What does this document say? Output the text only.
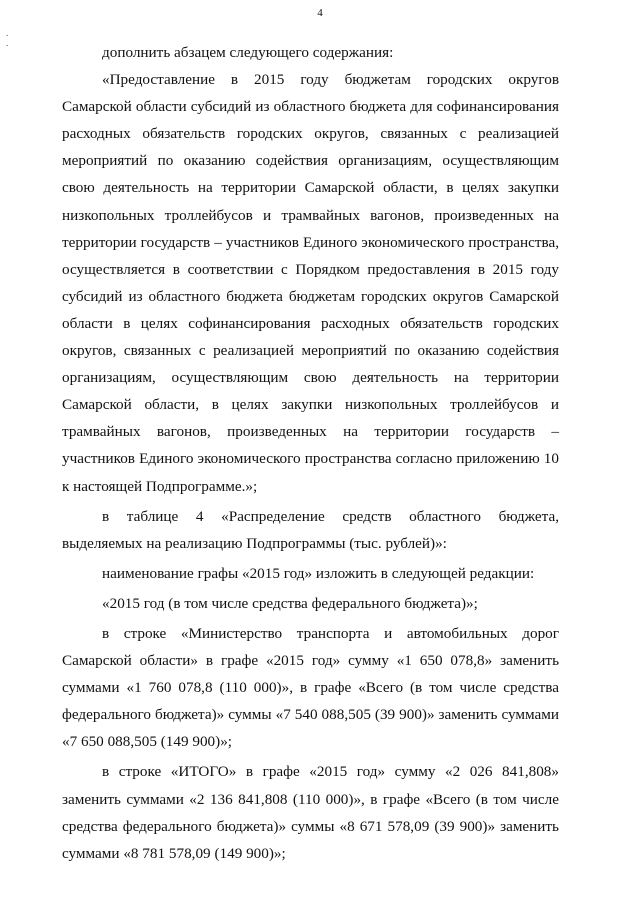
4
.
.

дополнить абзацем следующего содержания:

«Предоставление в 2015 году бюджетам городских округов Самарской области субсидий из областного бюджета для софинансирования расходных обязательств городских округов, связанных с реализацией мероприятий по оказанию содействия организациям, осуществляющим свою деятельность на территории Самарской области, в целях закупки низкопольных троллейбусов и трамвайных вагонов, произведенных на территории государств – участников Единого экономического пространства, осуществляется в соответствии с Порядком предоставления в 2015 году субсидий из областного бюджета бюджетам городских округов Самарской области в целях софинансирования расходных обязательств городских округов, связанных с реализацией мероприятий по оказанию содействия организациям, осуществляющим свою деятельность на территории Самарской области, в целях закупки низкопольных троллейбусов и трамвайных вагонов, произведенных на территории государств – участников Единого экономического пространства согласно приложению 10 к настоящей Подпрограмме.»;

в таблице 4 «Распределение средств областного бюджета, выделяемых на реализацию Подпрограммы (тыс. рублей)»:

наименование графы «2015 год» изложить в следующей редакции:

«2015 год (в том числе средства федерального бюджета)»;

в строке «Министерство транспорта и автомобильных дорог Самарской области» в графе «2015 год» сумму «1 650 078,8» заменить суммами «1 760 078,8 (110 000)», в графе «Всего (в том числе средства федерального бюджета)» суммы «7 540 088,505 (39 900)» заменить суммами «7 650 088,505 (149 900)»;

в строке «ИТОГО» в графе «2015 год» сумму «2 026 841,808» заменить суммами «2 136 841,808 (110 000)», в графе «Всего (в том числе средства федерального бюджета)» суммы «8 671 578,09 (39 900)» заменить суммами «8 781 578,09 (149 900)»;
